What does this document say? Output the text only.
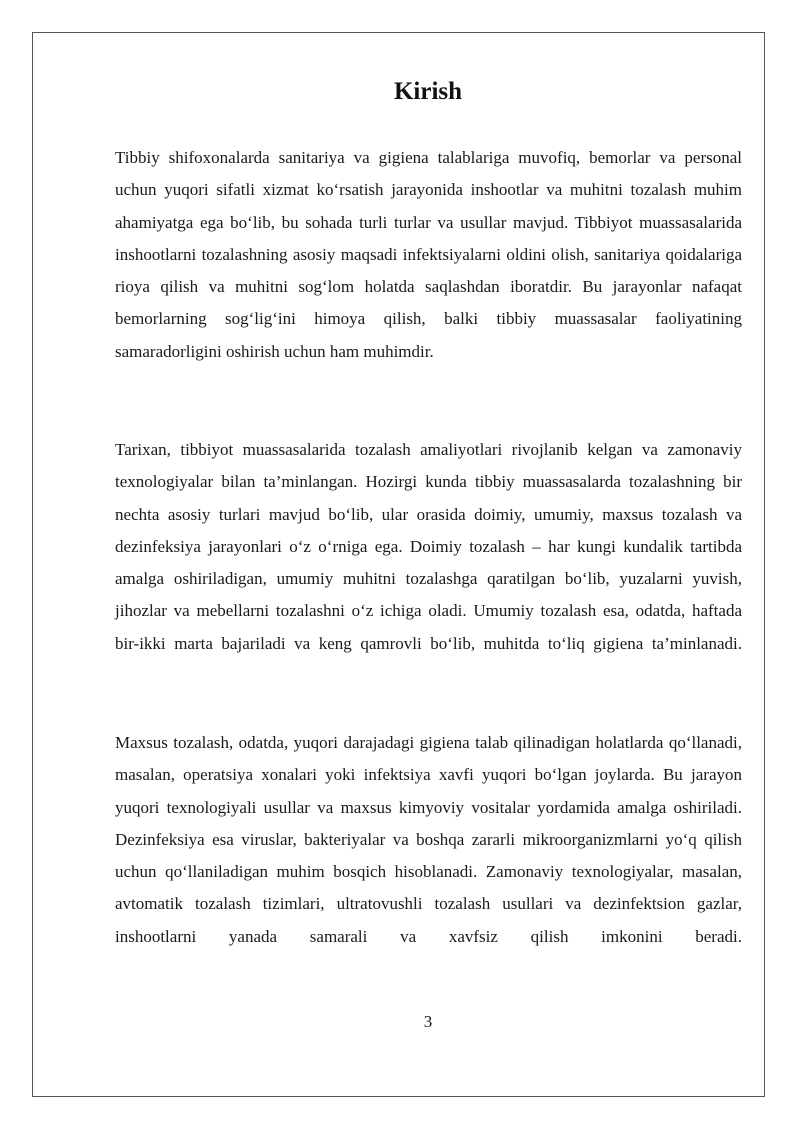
Kirish

Tibbiy shifoxonalarda sanitariya va gigiena talablariga muvofiq, bemorlar va personal uchun yuqori sifatli xizmat ko‘rsatish jarayonida inshootlar va muhitni tozalash muhim ahamiyatga ega bo‘lib, bu sohada turli turlar va usullar mavjud. Tibbiyot muassasalarida inshootlarni tozalashning asosiy maqsadi infektsiyalarni oldini olish, sanitariya qoidalariga rioya qilish va muhitni sog‘lom holatda saqlashdan iboratdir. Bu jarayonlar nafaqat bemorlarning sog‘lig‘ini himoya qilish, balki tibbiy muassasalar faoliyatining samaradorligini oshirish uchun ham muhimdir.

Tarixan, tibbiyot muassasalarida tozalash amaliyotlari rivojlanib kelgan va zamonaviy texnologiyalar bilan ta’minlangan. Hozirgi kunda tibbiy muassasalarda tozalashning bir nechta asosiy turlari mavjud bo‘lib, ular orasida doimiy, umumiy, maxsus tozalash va dezinfeksiya jarayonlari o‘z o‘rniga ega. Doimiy tozalash – har kungi kundalik tartibda amalga oshiriladigan, umumiy muhitni tozalashga qaratilgan bo‘lib, yuzalarni yuvish, jihozlar va mebellarni tozalashni o‘z ichiga oladi. Umumiy tozalash esa, odatda, haftada bir-ikki marta bajariladi va keng qamrovli bo‘lib, muhitda to‘liq gigiena ta’minlanadi.

Maxsus tozalash, odatda, yuqori darajadagi gigiena talab qilinadigan holatlarda qo‘llanadi, masalan, operatsiya xonalari yoki infektsiya xavfi yuqori bo‘lgan joylarda. Bu jarayon yuqori texnologiyali usullar va maxsus kimyoviy vositalar yordamida amalga oshiriladi. Dezinfeksiya esa viruslar, bakteriyalar va boshqa zararli mikroorganizmlarni yo‘q qilish uchun qo‘llaniladigan muhim bosqich hisoblanadi. Zamonaviy texnologiyalar, masalan, avtomatik tozalash tizimlari, ultratovushli tozalash usullari va dezinfektsion gazlar, inshootlarni yanada samarali va xavfsiz qilish imkonini beradi.

3
